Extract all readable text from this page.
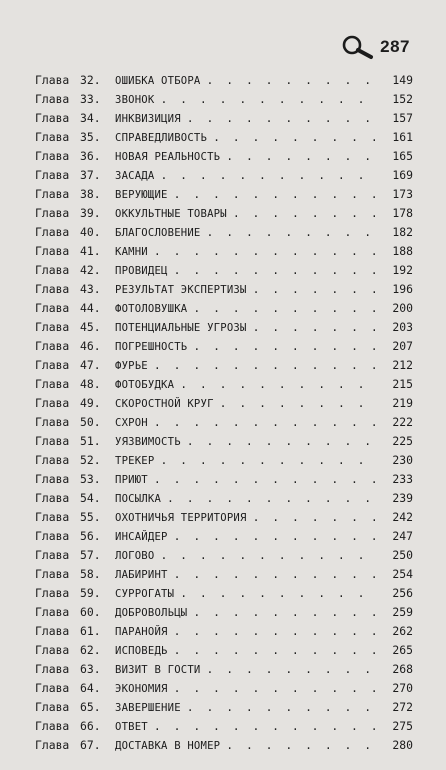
287
Глава 32.	ОШИБКА ОТБОРА . . .	149
Глава 33.	ЗВОНОК . . .	152
Глава 34.	ИНКВИЗИЦИЯ . . .	157
Глава 35.	СПРАВЕДЛИВОСТЬ . . .	161
Глава 36.	НОВАЯ РЕАЛЬНОСТЬ . . .	165
Глава 37.	ЗАСАДА . . .	169
Глава 38.	ВЕРУЮЩИЕ . . .	173
Глава 39.	ОККУЛЬТНЫЕ ТОВАРЫ . . .	178
Глава 40.	БЛАГОСЛОВЕНИЕ . . .	182
Глава 41.	КАМНИ . . .	188
Глава 42.	ПРОВИДЕЦ . . .	192
Глава 43.	РЕЗУЛЬТАТ ЭКСПЕРТИЗЫ . . .	196
Глава 44.	ФОТОЛОВУШКА . . .	200
Глава 45.	ПОТЕНЦИАЛЬНЫЕ УГРОЗЫ . . .	203
Глава 46.	ПОГРЕШНОСТЬ . . .	207
Глава 47.	ФУРЬЕ . . .	212
Глава 48.	ФОТОБУДКА . . .	215
Глава 49.	СКОРОСТНОЙ КРУГ . . .	219
Глава 50.	СХРОН . . .	222
Глава 51.	УЯЗВИМОСТЬ . . .	225
Глава 52.	ТРЕКЕР . . .	230
Глава 53.	ПРИЮТ . . .	233
Глава 54.	ПОСЫЛКА . . .	239
Глава 55.	ОХОТНИЧЬЯ ТЕРРИТОРИЯ . . .	242
Глава 56.	ИНСАЙДЕР . . .	247
Глава 57.	ЛОГОВО . . .	250
Глава 58.	ЛАБИРИНТ . . .	254
Глава 59.	СУРРОГАТЫ . . .	256
Глава 60.	ДОБРОВОЛЬЦЫ . . .	259
Глава 61.	ПАРАНОЙЯ . . .	262
Глава 62.	ИСПОВЕДЬ . . .	265
Глава 63.	ВИЗИТ В ГОСТИ . . .	268
Глава 64.	ЭКОНОМИЯ . . .	270
Глава 65.	ЗАВЕРШЕНИЕ . . .	272
Глава 66.	ОТВЕТ . . .	275
Глава 67.	ДОСТАВКА В НОМЕР . . .	280
